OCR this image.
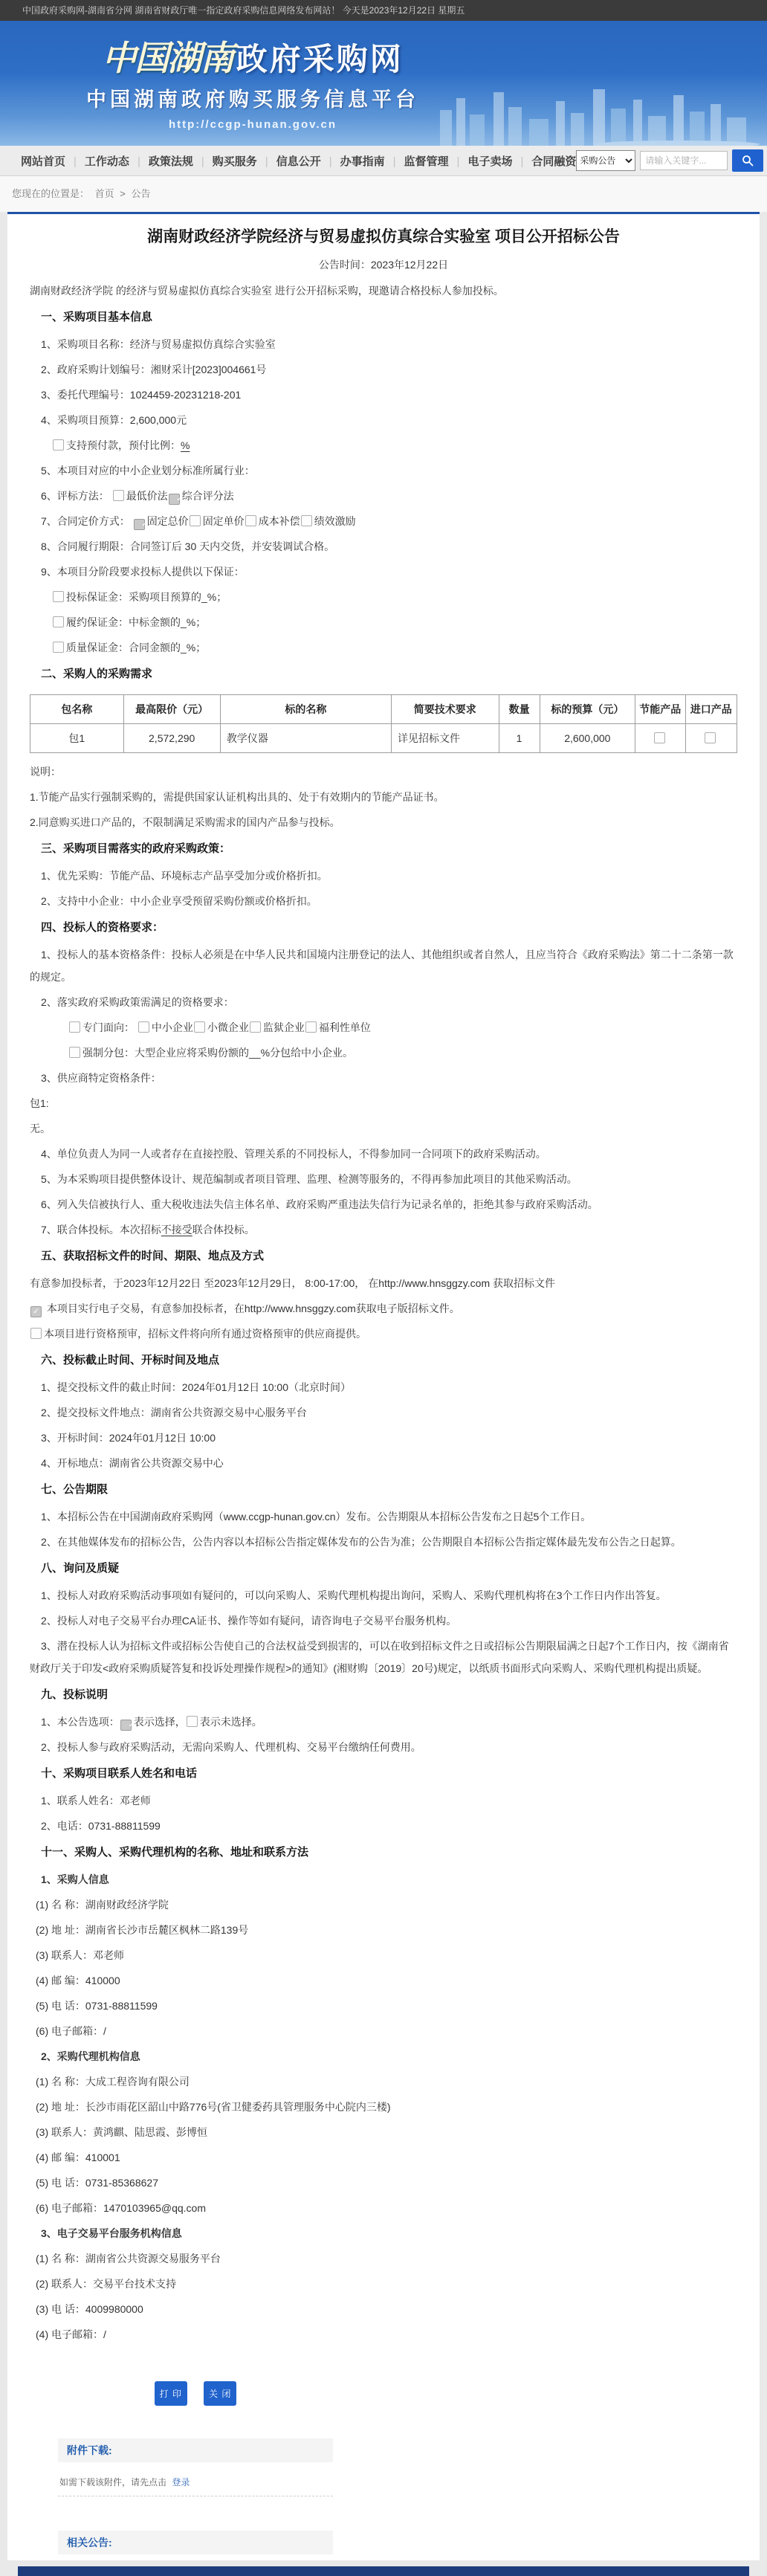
中国政府采购网-湖南省分网 湖南省财政厅唯一指定政府采购信息网络发布网站！ 今天是2023年12月22日 星期五
中国湖南 政府采购网
中国湖南政府购买服务信息平台
http://ccgp-hunan.gov.cn
网站首页	| 工作动态	| 政策法规	| 购买服务	| 信息公开	| 办事指南	| 监督管理	| 电子卖场	| 合同融资
采购公告
请输入关键字...
您现在的位置是： 首页 > 公告
湖南财政经济学院经济与贸易虚拟仿真综合实验室 项目公开招标公告
公告时间：2023年12月22日

湖南财政经济学院 的经济与贸易虚拟仿真综合实验室 进行公开招标采购，现邀请合格投标人参加投标。

一、采购项目基本信息

1、采购项目名称：经济与贸易虚拟仿真综合实验室

2、政府采购计划编号：湘财采计[2023]004661号

3、委托代理编号：1024459-20231218-201

4、采购项目预算：2,600,000元

支持预付款，预付比例：%

5、本项目对应的中小企业划分标准所属行业：

6、评标方法： 最低价法 ✓ 综合评分法

7、合同定价方式： ✓固定总价 固定单价 成本补偿 绩效激励

8、合同履行期限：合同签订后 30 天内交货，并安装调试合格。

9、本项目分阶段要求投标人提供以下保证：

投标保证金：采购项目预算的_%；

履约保证金：中标金额的_%；

质量保证金：合同金额的_%；

二、采购人的采购需求
包名称	最高限价（元）	标的名称	简要技术要求	数量	标的预算（元）	节能产品	进口产品
包1	2,572,290	教学仪器	详见招标文件	1	2,600,000		

说明：

1.节能产品实行强制采购的，需提供国家认证机构出具的、处于有效期内的节能产品证书。

2.同意购买进口产品的，不限制满足采购需求的国内产品参与投标。

三、采购项目需落实的政府采购政策：

1、优先采购：节能产品、环境标志产品享受加分或价格折扣。

2、支持中小企业：中小企业享受预留采购份额或价格折扣。

四、投标人的资格要求：

1、投标人的基本资格条件：投标人必须是在中华人民共和国境内注册登记的法人、其他组织或者自然人，且应当符合《政府采购法》第二十二条第一款的规定。

2、落实政府采购政策需满足的资格要求：

专门面向： 中小企业 小微企业 监狱企业 福利性单位

强制分包：大型企业应将采购份额的__%分包给中小企业。

3、供应商特定资格条件：

包1:

无。

4、单位负责人为同一人或者存在直接控股、管理关系的不同投标人，不得参加同一合同项下的政府采购活动。

5、为本采购项目提供整体设计、规范编制或者项目管理、监理、检测等服务的，不得再参加此项目的其他采购活动。

6、列入失信被执行人、重大税收违法失信主体名单、政府采购严重违法失信行为记录名单的，拒绝其参与政府采购活动。

7、联合体投标。本次招标不接受联合体投标。

五、获取招标文件的时间、期限、地点及方式

有意参加投标者，于2023年12月22日 至2023年12月29日， 8:00-17:00， 在http://www.hnsggzy.com 获取招标文件

✓ 本项目实行电子交易，有意参加投标者，在http://www.hnsggzy.com获取电子版招标文件。

本项目进行资格预审，招标文件将向所有通过资格预审的供应商提供。

六、投标截止时间、开标时间及地点

1、提交投标文件的截止时间：2024年01月12日 10:00（北京时间）

2、提交投标文件地点：湖南省公共资源交易中心服务平台

3、开标时间：2024年01月12日 10:00

4、开标地点：湖南省公共资源交易中心

七、公告期限

1、本招标公告在中国湖南政府采购网（www.ccgp-hunan.gov.cn）发布。公告期限从本招标公告发布之日起5个工作日。

2、在其他媒体发布的招标公告，公告内容以本招标公告指定媒体发布的公告为准；公告期限自本招标公告指定媒体最先发布公告之日起算。

八、询问及质疑

1、投标人对政府采购活动事项如有疑问的，可以向采购人、采购代理机构提出询问，采购人、采购代理机构将在3个工作日内作出答复。

2、投标人对电子交易平台办理CA证书、操作等如有疑问，请咨询电子交易平台服务机构。

3、潜在投标人认为招标文件或招标公告使自己的合法权益受到损害的，可以在收到招标文件之日或招标公告期限届满之日起7个工作日内，按《湖南省财政厅关于印发<政府采购质疑答复和投诉处理操作规程>的通知》(湘财购〔2019〕20号)规定，以纸质书面形式向采购人、采购代理机构提出质疑。

九、投标说明

1、本公告选项： ✓ 表示选择， 表示未选择。

2、投标人参与政府采购活动，无需向采购人、代理机构、交易平台缴纳任何费用。

十、采购项目联系人姓名和电话

1、联系人姓名：邓老师

2、电话：0731-88811599

十一、采购人、采购代理机构的名称、地址和联系方法

1、采购人信息

(1) 名 称：湖南财政经济学院

(2) 地 址：湖南省长沙市岳麓区枫林二路139号

(3) 联系人：邓老师

(4) 邮 编：410000

(5) 电 话：0731-88811599

(6) 电子邮箱：/

2、采购代理机构信息

(1) 名 称：大成工程咨询有限公司

(2) 地 址：长沙市雨花区韶山中路776号(省卫健委药具管理服务中心院内三楼)

(3) 联系人：黄鸿麒、陆思霞、彭博恒

(4) 邮 编：410001

(5) 电 话：0731-85368627

(6) 电子邮箱：1470103965@qq.com

3、电子交易平台服务机构信息

(1) 名 称：湖南省公共资源交易服务平台

(2) 联系人：交易平台技术支持

(3) 电 话：4009980000

(4) 电子邮箱：/

打 印	关 闭
附件下载:
如需下载该附件，请先点击 登录
相关公告:
